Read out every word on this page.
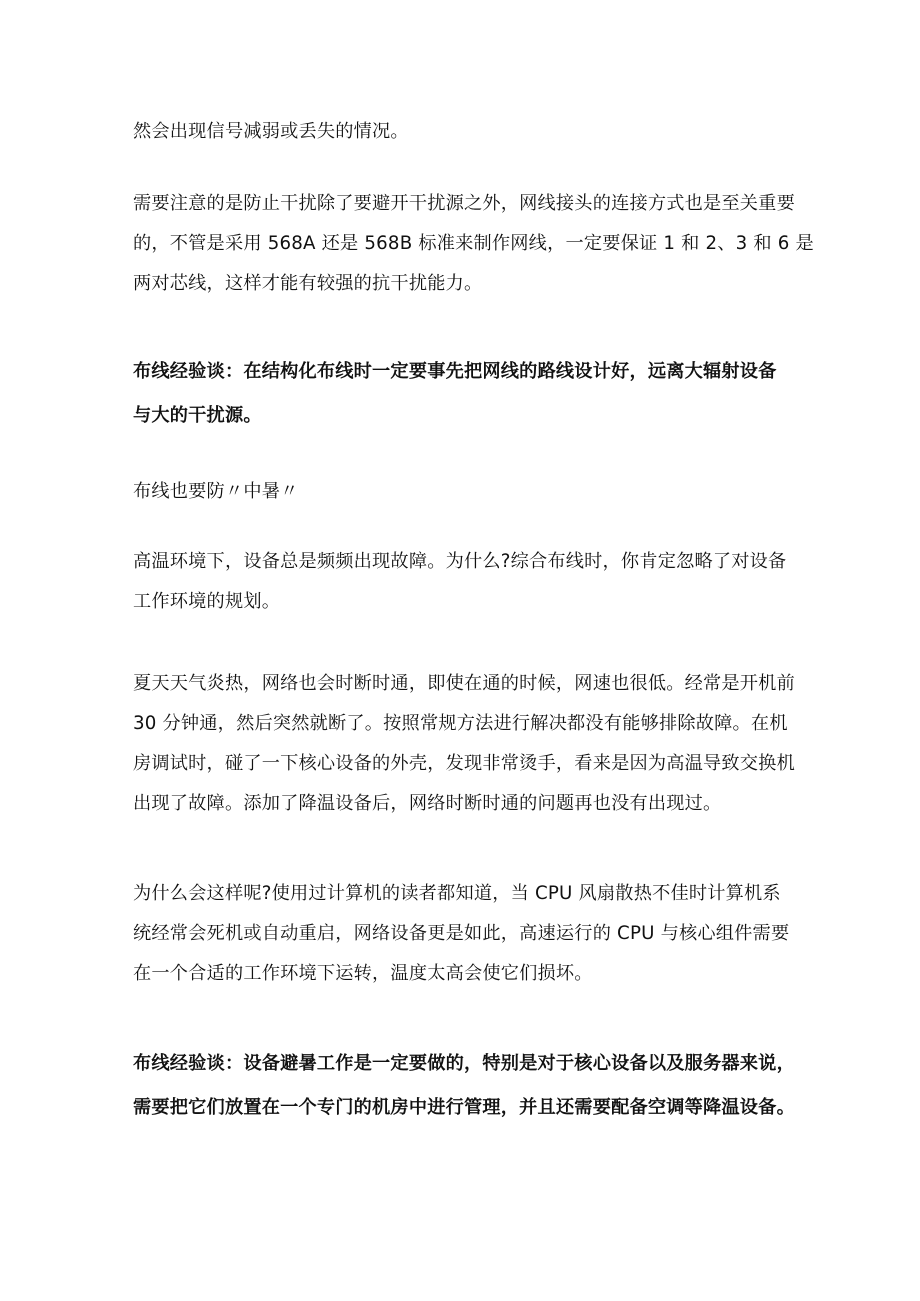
然会出现信号减弱或丢失的情况。

需要注意的是防止干扰除了要避开干扰源之外，网线接头的连接方式也是至关重要
的，不管是采用 568A 还是 568B 标准来制作网线，一定要保证 1 和 2、3 和 6 是
两对芯线，这样才能有较强的抗干扰能力。

布线经验谈：在结构化布线时一定要事先把网线的路线设计好，远离大辐射设备
与大的干扰源。

布线也要防〃中暑〃

高温环境下，设备总是频频出现故障。为什么?综合布线时，你肯定忽略了对设备
工作环境的规划。

夏天天气炎热，网络也会时断时通，即使在通的时候，网速也很低。经常是开机前
30 分钟通，然后突然就断了。按照常规方法进行解决都没有能够排除故障。在机
房调试时，碰了一下核心设备的外壳，发现非常烫手，看来是因为高温导致交换机
出现了故障。添加了降温设备后，网络时断时通的问题再也没有出现过。

为什么会这样呢?使用过计算机的读者都知道，当 CPU 风扇散热不佳时计算机系
统经常会死机或自动重启，网络设备更是如此，高速运行的 CPU 与核心组件需要
在一个合适的工作环境下运转，温度太高会使它们损坏。

布线经验谈：设备避暑工作是一定要做的，特别是对于核心设备以及服务器来说，
需要把它们放置在一个专门的机房中进行管理，并且还需要配备空调等降温设备。
